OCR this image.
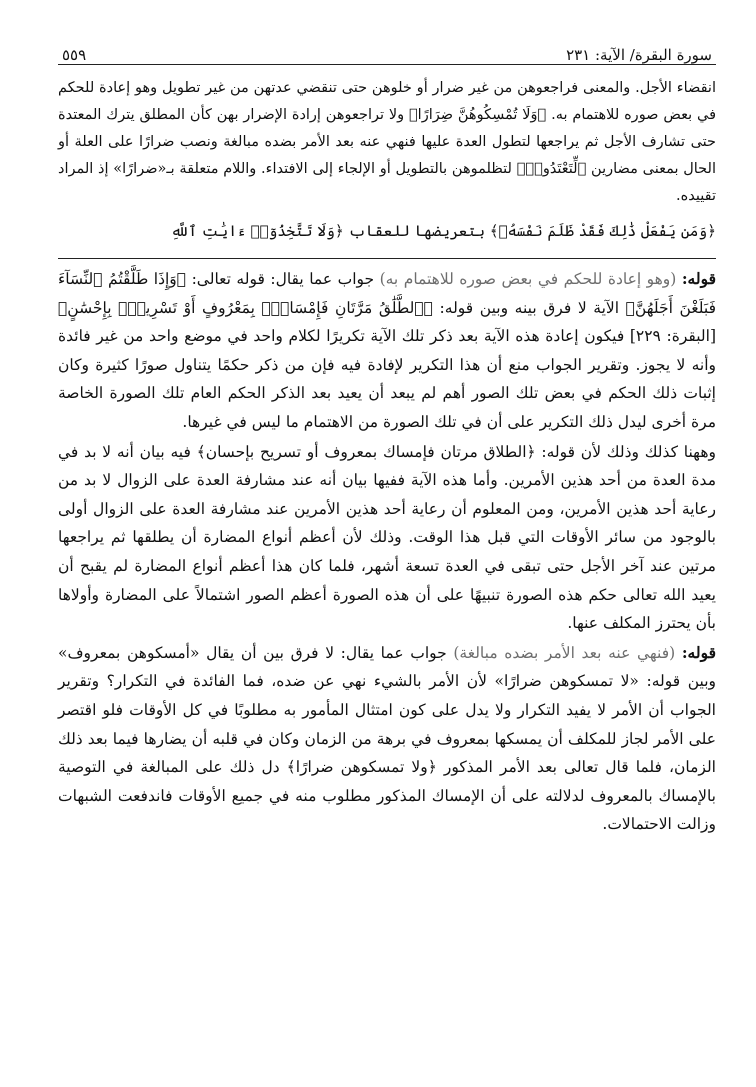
سورة البقرة/ الآية: ٢٣١
٥٥٩

انقضاء الأجل. والمعنى فراجعوهن من غير ضرار أو خلوهن حتى تنقضي عدتهن من غير تطويل وهو إعادة للحكم في بعض صوره للاهتمام به. ﴿وَلَا تُمْسِكُوهُنَّ ضِرَارًا﴾ ولا تراجعوهن إرادة الإضرار بهن كأن المطلق يترك المعتدة حتى تشارف الأجل ثم يراجعها لتطول العدة عليها فنهي عنه بعد الأمر بضده مبالغة ونصب ضرارًا على العلة أو الحال بمعنى مضارين ﴿لِّتَعْتَدُوا۟﴾ لتظلموهن بالتطويل أو الإلجاء إلى الافتداء. واللام متعلقة بـ«ضرارًا» إذ المراد تقييده.

﴿وَمَن يَفْعَلْ ذَٰلِكَ فَقَدْ ظَلَمَ نَفْسَهُۥ﴾ بتعريضها للعقاب ﴿وَلَا تَتَّخِذُوٓا۟ ءَايَٰتِ ٱللَّهِ

قوله: (وهو إعادة للحكم في بعض صوره للاهتمام به) جواب عما يقال: قوله تعالى: ﴿وَإِذَا طَلَّقْتُمُ ٱلنِّسَآءَ فَبَلَغْنَ أَجَلَهُنَّ﴾ الآية لا فرق بينه وبين قوله: ﴿ٱلطَّلَٰقُ مَرَّتَانِ فَإِمْسَاكُۢ بِمَعْرُوفٍ أَوْ تَسْرِيحٌۢ بِإِحْسَٰنٍ﴾ [البقرة: ٢٢٩] فيكون إعادة هذه الآية بعد ذكر تلك الآية تكريرًا لكلام واحد في موضع واحد من غير فائدة وأنه لا يجوز. وتقرير الجواب منع أن هذا التكرير لإفادة فيه فإن من ذكر حكمًا يتناول صورًا كثيرة وكان إثبات ذلك الحكم في بعض تلك الصور أهم لم يبعد أن يعيد بعد الذكر الحكم العام تلك الصورة الخاصة مرة أخرى ليدل ذلك التكرير على أن في تلك الصورة من الاهتمام ما ليس في غيرها.

وههنا كذلك وذلك لأن قوله: ﴿الطلاق مرتان فإمساك بمعروف أو تسريح بإحسان﴾ فيه بيان أنه لا بد في مدة العدة من أحد هذين الأمرين. وأما هذه الآية ففيها بيان أنه عند مشارفة العدة على الزوال لا بد من رعاية أحد هذين الأمرين، ومن المعلوم أن رعاية أحد هذين الأمرين عند مشارفة العدة على الزوال أولى بالوجود من سائر الأوقات التي قبل هذا الوقت. وذلك لأن أعظم أنواع المضارة أن يطلقها ثم يراجعها مرتين عند آخر الأجل حتى تبقى في العدة تسعة أشهر، فلما كان هذا أعظم أنواع المضارة لم يقبح أن يعيد الله تعالى حكم هذه الصورة تنبيهًا على أن هذه الصورة أعظم الصور اشتمالاً على المضارة وأولاها بأن يحترز المكلف عنها.

قوله: (فنهي عنه بعد الأمر بضده مبالغة) جواب عما يقال: لا فرق بين أن يقال «أمسكوهن بمعروف» وبين قوله: «لا تمسكوهن ضرارًا» لأن الأمر بالشيء نهي عن ضده، فما الفائدة في التكرار؟ وتقرير الجواب أن الأمر لا يفيد التكرار ولا يدل على كون امتثال المأمور به مطلوبًا في كل الأوقات فلو اقتصر على الأمر لجاز للمكلف أن يمسكها بمعروف في برهة من الزمان وكان في قلبه أن يضارها فيما بعد ذلك الزمان، فلما قال تعالى بعد الأمر المذكور ﴿ولا تمسكوهن ضرارًا﴾ دل ذلك على المبالغة في التوصية بالإمساك بالمعروف لدلالته على أن الإمساك المذكور مطلوب منه في جميع الأوقات فاندفعت الشبهات وزالت الاحتمالات.
